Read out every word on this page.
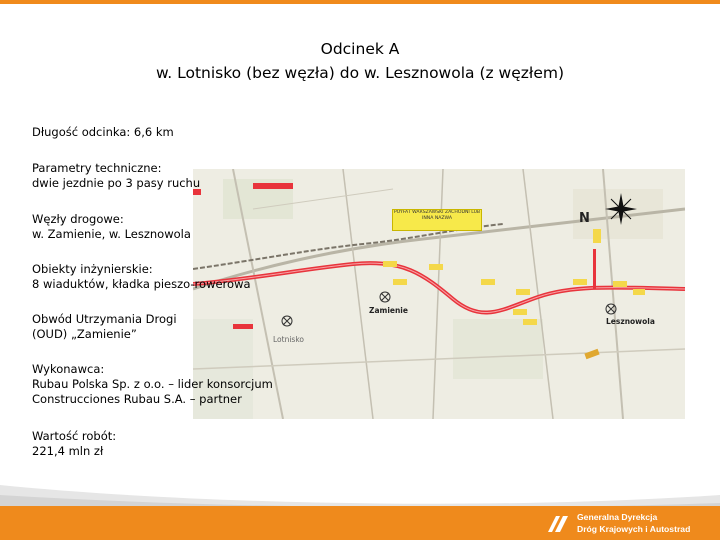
Odcinek A
w. Lotnisko (bez węzła) do w. Lesznowola (z węzłem)
Długość odcinka: 6,6 km
Parametry techniczne:
dwie jezdnie po 3 pasy ruchu
Węzły drogowe:
w. Zamienie, w. Lesznowola
Obiekty inżynierskie:
8 wiaduktów, kładka pieszo-rowerowa
Obwód Utrzymania Drogi
(OUD) „Zamienie”
Wykonawca:
Rubau Polska Sp. z o.o. – lider konsorcjum
Construcciones Rubau S.A. – partner
Wartość robót:
221,4 mln zł
POYFAT WARSZAWSKI ZACHODNI LUB INNA NAZWA
Zamienie
Lesznowola
Lotnisko
N
Generalna Dyrekcja
Dróg Krajowych i Autostrad
